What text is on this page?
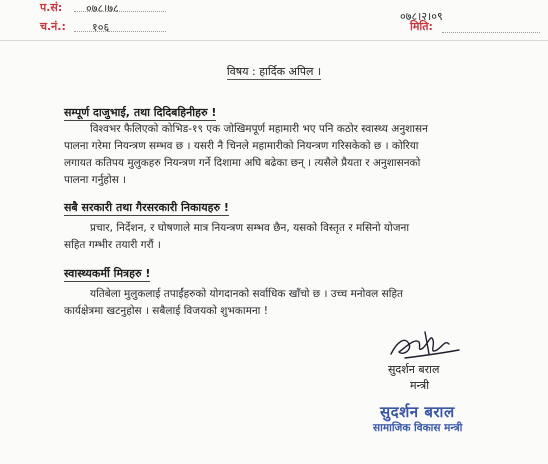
प.सं: ०७८।७८
च.नं.: १०६
०७८।२।०९
मिति:
विषय : हार्दिक अपिल ।
सम्पूर्ण दाजुभाई, तथा दिदिबहिनीहरु !
विश्वभर फैलिएको कोभिड-१९ एक जोखिमपूर्ण महामारी भए पनि कठोर स्वास्थ्य अनुशासन
पालना गरेमा नियन्त्रण सम्भव छ । यसरी नै चिनले महामारीको नियन्त्रण गरिसकेको छ । कोरिया
लगायत कतिपय मुलुकहरु नियन्त्रण गर्ने दिशामा अघि बढेका छन् । त्यसैले प्रैयता र अनुशासनको
पालना गर्नुहोस ।
सबै सरकारी तथा गैरसरकारी निकायहरु !
प्रचार, निर्देशन, र घोषणाले मात्र नियन्त्रण सम्भव छैन, यसको विस्तृत र मसिनो योजना
सहित गम्भीर तयारी गरौं ।
स्वास्थ्यकर्मी मित्रहरु !
यतिबेला मुलुकलाई तपाईंहरुको योगदानको सर्वाधिक खाँचो छ । उच्च मनोवल सहित
कार्यक्षेत्रमा खटनुहोस । सबैलाई विजयको शुभकामना !
सुदर्शन बराल
मन्त्री
सुदर्शन बराल
सामाजिक विकास मन्त्री
